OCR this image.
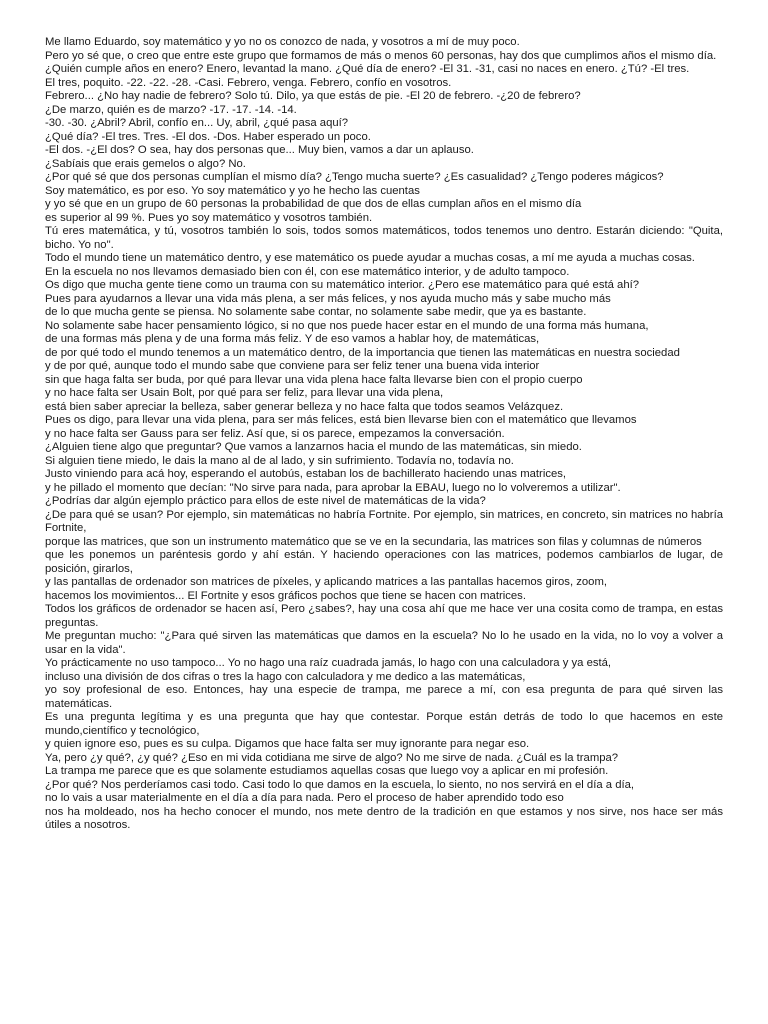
Me llamo Eduardo, soy matemático y yo no os conozco de nada, y vosotros a mí de muy poco.

Pero yo sé que, o creo que entre este grupo que formamos de más o menos 60 personas, hay dos que cumplimos años el mismo día.

¿Quién cumple años en enero? Enero, levantad la mano. ¿Qué día de enero? -El 31. -31, casi no naces en enero. ¿Tú? -El tres.

El tres, poquito. -22. -22. -28. -Casi. Febrero, venga. Febrero, confío en vosotros.

Febrero... ¿No hay nadie de febrero? Solo tú. Dilo, ya que estás de pie. -El 20 de febrero. -¿20 de febrero?

¿De marzo, quién es de marzo? -17. -17. -14. -14.

-30. -30. ¿Abril? Abril, confío en... Uy, abril, ¿qué pasa aquí?

¿Qué día? -El tres. Tres. -El dos. -Dos. Haber esperado un poco.

-El dos. -¿El dos? O sea, hay dos personas que... Muy bien, vamos a dar un aplauso.

¿Sabíais que erais gemelos o algo? No.

¿Por qué sé que dos personas cumplían el mismo día? ¿Tengo mucha suerte? ¿Es casualidad? ¿Tengo poderes mágicos?

Soy matemático, es por eso. Yo soy matemático y yo he hecho las cuentas

y yo sé que en un grupo de 60 personas la probabilidad de que dos de ellas cumplan años en el mismo día

es superior al 99 %. Pues yo soy matemático y vosotros también.

Tú eres matemática, y tú, vosotros también lo sois, todos somos matemáticos, todos tenemos uno dentro. Estarán diciendo: "Quita, bicho. Yo no".

Todo el mundo tiene un matemático dentro, y ese matemático os puede ayudar a muchas cosas, a mí me ayuda a muchas cosas.

En la escuela no nos llevamos demasiado bien con él, con ese matemático interior, y de adulto tampoco.

Os digo que mucha gente tiene como un trauma con su matemático interior. ¿Pero ese matemático para qué está ahí?

Pues para ayudarnos a llevar una vida más plena, a ser más felices, y nos ayuda mucho más y sabe mucho más

de lo que mucha gente se piensa. No solamente sabe contar, no solamente sabe medir, que ya es bastante.

No solamente sabe hacer pensamiento lógico, si no que nos puede hacer estar en el mundo de una forma más humana,

de una formas más plena y de una forma más feliz. Y de eso vamos a hablar hoy, de matemáticas,

de por qué todo el mundo tenemos a un matemático dentro, de la importancia que tienen las matemáticas en nuestra sociedad

y de por qué, aunque todo el mundo sabe que conviene para ser feliz tener una buena vida interior

sin que haga falta ser buda, por qué para llevar una vida plena hace falta llevarse bien con el propio cuerpo

y no hace falta ser Usain Bolt, por qué para ser feliz, para llevar una vida plena,

está bien saber apreciar la belleza, saber generar belleza y no hace falta que todos seamos Velázquez.

Pues os digo, para llevar una vida plena, para ser más felices, está bien llevarse bien con el matemático que llevamos

y no hace falta ser Gauss para ser feliz. Así que, si os parece, empezamos la conversación.

¿Alguien tiene algo que preguntar? Que vamos a lanzarnos hacia el mundo de las matemáticas, sin miedo.

Si alguien tiene miedo, le dais la mano al de al lado, y sin sufrimiento. Todavía no, todavía no.

Justo viniendo para acá hoy, esperando el autobús, estaban los de bachillerato haciendo unas matrices,

y he pillado el momento que decían: "No sirve para nada, para aprobar la EBAU, luego no lo volveremos a utilizar".

¿Podrías dar algún ejemplo práctico para ellos de este nivel de matemáticas de la vida?

¿De para qué se usan? Por ejemplo, sin matemáticas no habría Fortnite. Por ejemplo, sin matrices, en concreto, sin matrices no habría Fortnite,

porque las matrices, que son un instrumento matemático que se ve en la secundaria, las matrices son filas y columnas de números

que les ponemos un paréntesis gordo y ahí están. Y haciendo operaciones con las matrices, podemos cambiarlos de lugar, de posición, girarlos,

y las pantallas de ordenador son matrices de píxeles, y aplicando matrices a las pantallas hacemos giros, zoom,

hacemos los movimientos... El Fortnite y esos gráficos pochos que tiene se hacen con matrices.

Todos los gráficos de ordenador se hacen así, Pero ¿sabes?, hay una cosa ahí que me hace ver una cosita como de trampa, en estas preguntas.

Me preguntan mucho: "¿Para qué sirven las matemáticas que damos en la escuela? No lo he usado en la vida, no lo voy a volver a usar en la vida".

Yo prácticamente no uso tampoco... Yo no hago una raíz cuadrada jamás, lo hago con una calculadora y ya está,

incluso una división de dos cifras o tres la hago con calculadora y me dedico a las matemáticas,

yo soy profesional de eso. Entonces, hay una especie de trampa, me parece a mí, con esa pregunta de para qué sirven las matemáticas.

Es una pregunta legítima y es una pregunta que hay que contestar. Porque están detrás de todo lo que hacemos en este mundo,científico y tecnológico,

y quien ignore eso, pues es su culpa. Digamos que hace falta ser muy ignorante para negar eso.

Ya, pero ¿y qué?, ¿y qué? ¿Eso en mi vida cotidiana me sirve de algo? No me sirve de nada. ¿Cuál es la trampa?

La trampa me parece que es que solamente estudiamos aquellas cosas que luego voy a aplicar en mi profesión.

¿Por qué? Nos perderíamos casi todo. Casi todo lo que damos en la escuela, lo siento, no nos servirá en el día a día,

no lo vais a usar materialmente en el día a día para nada. Pero el proceso de haber aprendido todo eso

nos ha moldeado, nos ha hecho conocer el mundo, nos mete dentro de la tradición en que estamos y nos sirve, nos hace ser más útiles a nosotros.
